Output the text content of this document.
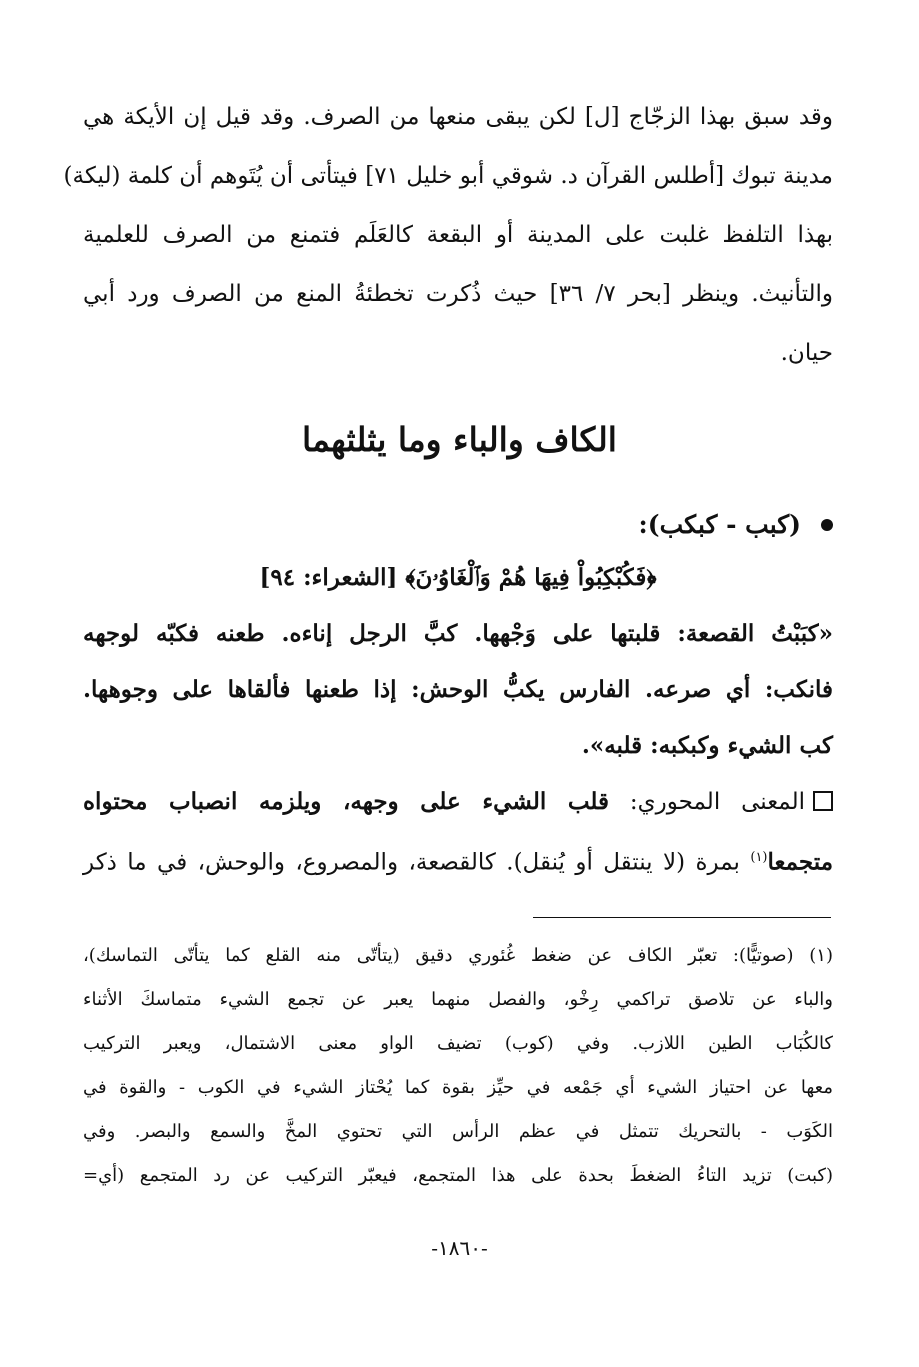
وقد سبق بهذا الزجّاج [ل] لكن يبقى منعها من الصرف. وقد قيل إن الأيكة هي

مدينة تبوك [أطلس القرآن د. شوقي أبو خليل ٧١] فيتأتى أن يُتَوهم أن كلمة (ليكة)

بهذا التلفظ غلبت على المدينة أو البقعة كالعَلَم فتمنع من الصرف للعلمية

والتأنيث. وينظر [بحر ٧/ ٣٦] حيث ذُكرت تخطئةُ المنع من الصرف ورد أبي

حيان.

الكاف والباء وما يثلثهما

(كبب - كبكب):

﴿فَكُبْكِبُواْ فِيهَا هُمْ وَٱلْغَاوُۥنَ﴾ [الشعراء: ٩٤]

«كبَبْتُ القصعة: قلبتها على وَجْهها. كبَّ الرجل إناءه. طعنه فكبّه لوجهه

فانكب: أي صرعه. الفارس يكبُّ الوحش: إذا طعنها فألقاها على وجوهها.

كب الشيء وكبكبه: قلبه».

المعنى المحوري: قلب الشيء على وجهه، ويلزمه انصباب محتواه

متجمعا$^{(١)}$ بمرة (لا ينتقل أو يُنقل). كالقصعة، والمصروع، والوحش، في ما ذكر

(١) (صوتيًّا): تعبّر الكاف عن ضغط غُئوري دقيق (يتأتّى منه القلع كما يتأتّى التماسك)،

والباء عن تلاصق تراكمي رِخْو، والفصل منهما يعبر عن تجمع الشيء متماسكَ الأثناء

كالكُبَاب الطين اللازب. وفي (كوب) تضيف الواو معنى الاشتمال، ويعبر التركيب

معها عن احتياز الشيء أي جَمْعه في حيِّز بقوة كما يُحْتاز الشيء في الكوب - والقوة في

الكَوَب - بالتحريك تتمثل في عظم الرأس التي تحتوي المخَّ والسمع والبصر. وفي

(كبت) تزيد التاءُ الضغطَ بحدة على هذا المتجمع، فيعبّر التركيب عن رد المتجمع (أي=

-١٨٦٠-
